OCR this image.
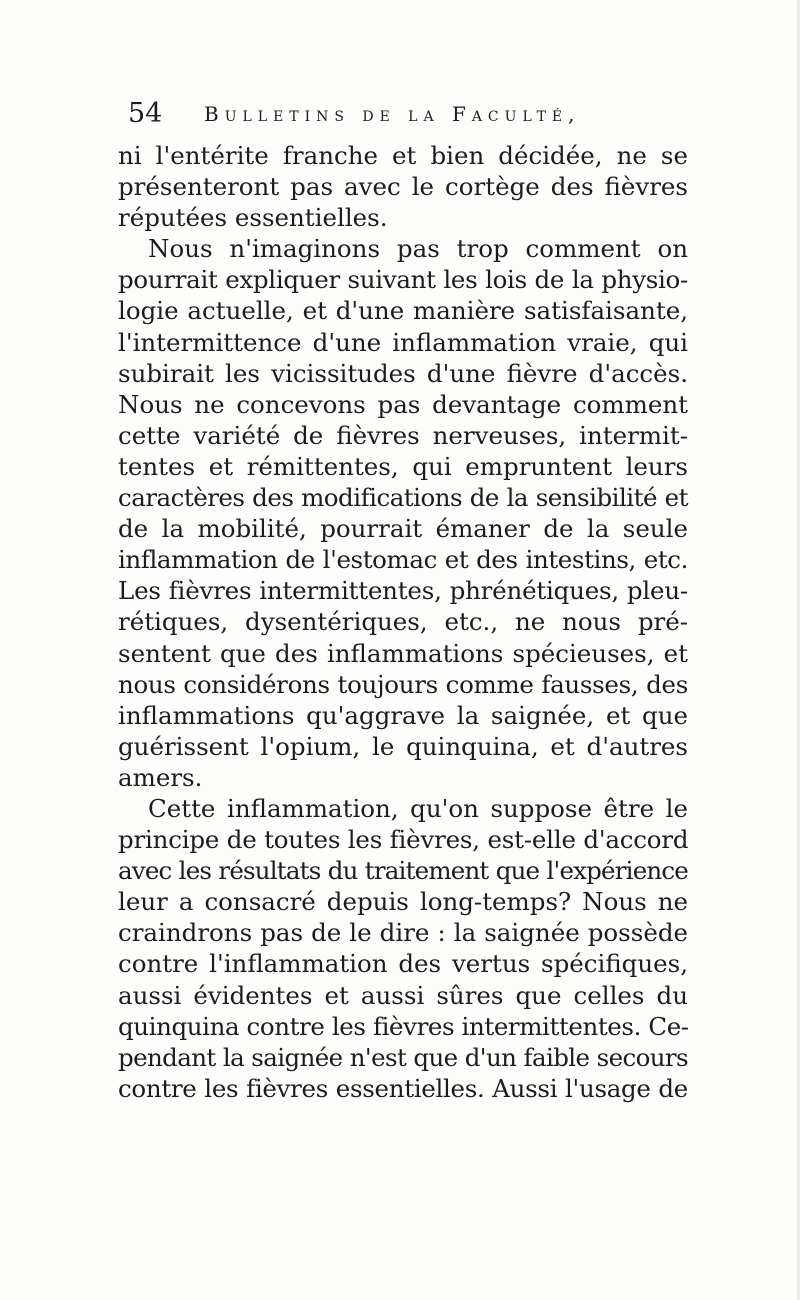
54 Bulletins de la Faculté,
ni l'entérite franche et bien décidée, ne se
présenteront pas avec le cortège des fièvres
réputées essentielles.
Nous n'imaginons pas trop comment on
pourrait expliquer suivant les lois de la physio-
logie actuelle, et d'une manière satisfaisante,
l'intermittence d'une inflammation vraie, qui
subirait les vicissitudes d'une fièvre d'accès.
Nous ne concevons pas devantage comment
cette variété de fièvres nerveuses, intermit-
tentes et rémittentes, qui empruntent leurs
caractères des modifications de la sensibilité et
de la mobilité, pourrait émaner de la seule
inflammation de l'estomac et des intestins, etc.
Les fièvres intermittentes, phrénétiques, pleu-
rétiques, dysentériques, etc., ne nous pré-
sentent que des inflammations spécieuses, et
nous considérons toujours comme fausses, des
inflammations qu'aggrave la saignée, et que
guérissent l'opium, le quinquina, et d'autres
amers.
Cette inflammation, qu'on suppose être le
principe de toutes les fièvres, est-elle d'accord
avec les résultats du traitement que l'expérience
leur a consacré depuis long-temps? Nous ne
craindrons pas de le dire : la saignée possède
contre l'inflammation des vertus spécifiques,
aussi évidentes et aussi sûres que celles du
quinquina contre les fièvres intermittentes. Ce-
pendant la saignée n'est que d'un faible secours
contre les fièvres essentielles. Aussi l'usage de
